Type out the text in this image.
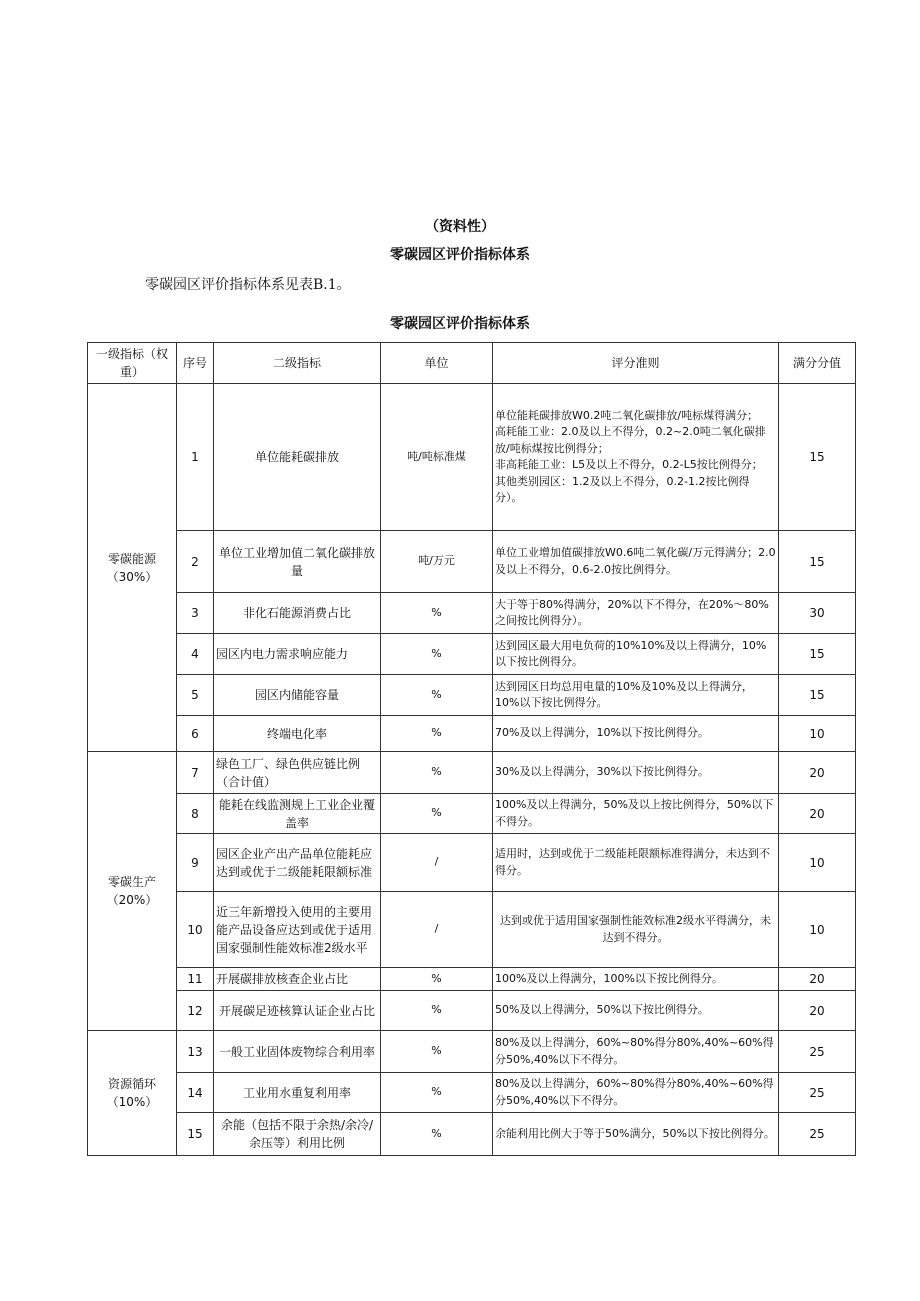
（资料性）
零碳园区评价指标体系
零碳园区评价指标体系见表B.1。
零碳园区评价指标体系
一级指标（权重）	序号	二级指标	单位	评分准则	满分分值
零碳能源（30%）	1	单位能耗碳排放	吨/吨标准煤	单位能耗碳排放W0.2吨二氧化碳排放/吨标煤得满分；
高耗能工业：2.0及以上不得分，0.2~2.0吨二氧化碳排放/吨标煤按比例得分；
非高耗能工业：L5及以上不得分，0.2-L5按比例得分；
其他类别园区：1.2及以上不得分，0.2-1.2按比例得分）。	15
	2	单位工业增加值二氧化碳排放量	吨/万元	单位工业增加值碳排放W0.6吨二氧化碳/万元得满分；2.0及以上不得分，0.6-2.0按比例得分。	15
	3	非化石能源消费占比	%	大于等于80%得满分，20%以下不得分，在20%〜80%之间按比例得分）。	30
	4	园区内电力需求响应能力	%	达到园区最大用电负荷的10%10%及以上得满分，10%以下按比例得分。	15
	5	园区内储能容量	%	达到园区日均总用电量的10%及10%及以上得满分，10%以下按比例得分。	15
	6	终端电化率	%	70%及以上得满分，10%以下按比例得分。	10
零碳生产（20%）	7	绿色工厂、绿色供应链比例（合计值）	%	30%及以上得满分，30%以下按比例得分。	20
	8	能耗在线监测规上工业企业覆盖率	%	100%及以上得满分，50%及以上按比例得分，50%以下不得分。	20
	9	园区企业产出产品单位能耗应达到或优于二级能耗限额标准	/	适用时，达到或优于二级能耗限额标准得满分，未达到不得分。	10
	10	近三年新增投入使用的主要用能产品设备应达到或优于适用国家强制性能效标准2级水平	/	达到或优于适用国家强制性能效标准2级水平得满分，未达到不得分。	10
	11	开展碳排放核查企业占比	%	100%及以上得满分，100%以下按比例得分。	20
	12	开展碳足迹核算认证企业占比	%	50%及以上得满分，50%以下按比例得分。	20
资源循环（10%）	13	一般工业固体废物综合利用率	%	80%及以上得满分，60%~80%得分80%,40%~60%得分50%,40%以下不得分。	25
	14	工业用水重复利用率	%	80%及以上得满分，60%~80%得分80%,40%~60%得分50%,40%以下不得分。	25
	15	余能（包括不限于余热/余冷/余压等）利用比例	%	余能利用比例大于等于50%满分，50%以下按比例得分。	25
